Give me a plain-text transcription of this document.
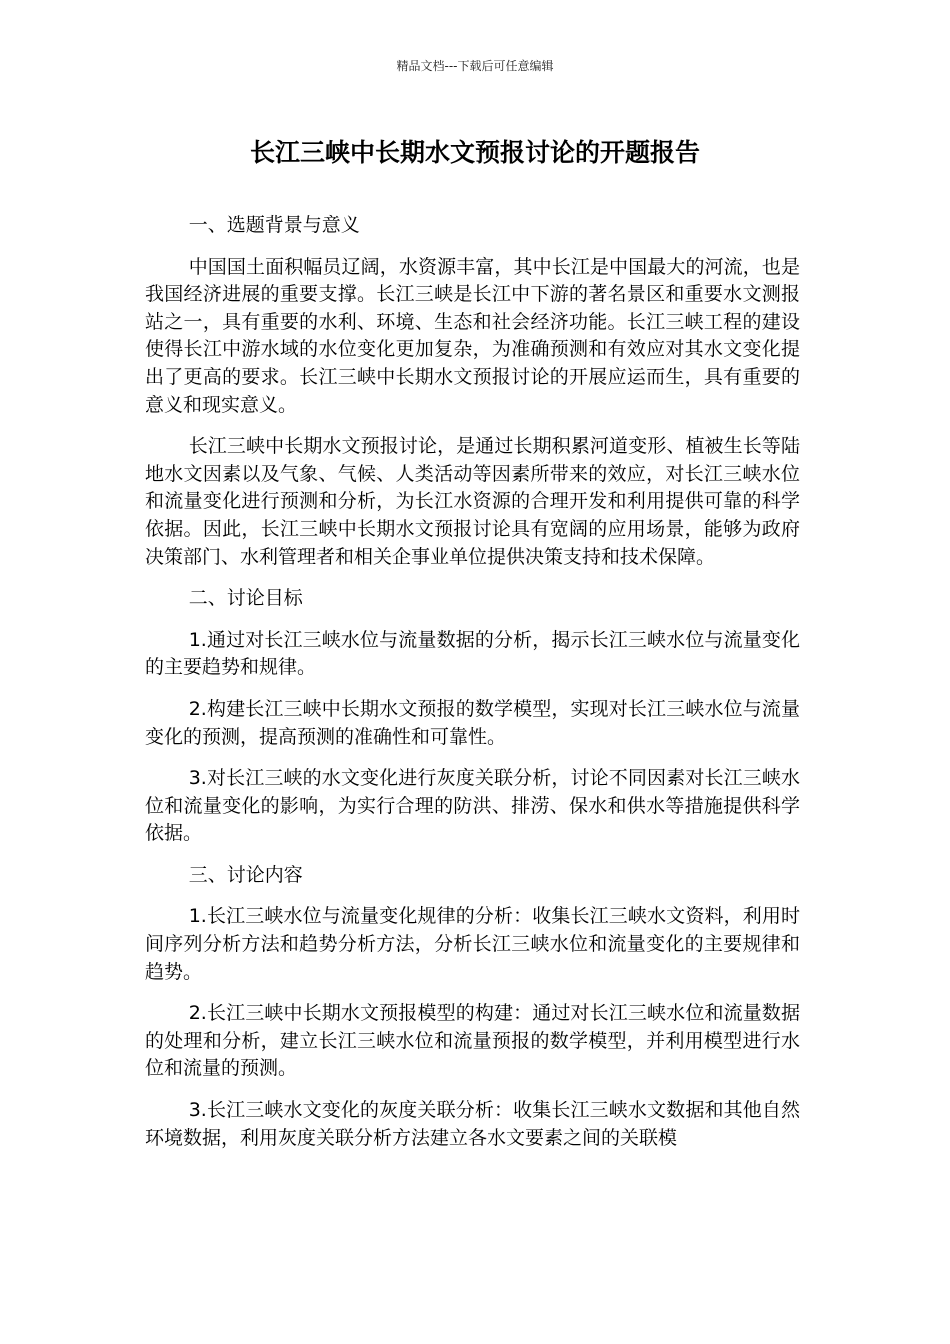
精品文档---下载后可任意编辑
长江三峡中长期水文预报讨论的开题报告
一、选题背景与意义

中国国土面积幅员辽阔，水资源丰富，其中长江是中国最大的河流，也是我国经济进展的重要支撑。长江三峡是长江中下游的著名景区和重要水文测报站之一，具有重要的水利、环境、生态和社会经济功能。长江三峡工程的建设使得长江中游水域的水位变化更加复杂，为准确预测和有效应对其水文变化提出了更高的要求。长江三峡中长期水文预报讨论的开展应运而生，具有重要的意义和现实意义。

长江三峡中长期水文预报讨论，是通过长期积累河道变形、植被生长等陆地水文因素以及气象、气候、人类活动等因素所带来的效应，对长江三峡水位和流量变化进行预测和分析，为长江水资源的合理开发和利用提供可靠的科学依据。因此，长江三峡中长期水文预报讨论具有宽阔的应用场景，能够为政府决策部门、水利管理者和相关企事业单位提供决策支持和技术保障。

二、讨论目标

1.通过对长江三峡水位与流量数据的分析，揭示长江三峡水位与流量变化的主要趋势和规律。

2.构建长江三峡中长期水文预报的数学模型，实现对长江三峡水位与流量变化的预测，提高预测的准确性和可靠性。

3.对长江三峡的水文变化进行灰度关联分析，讨论不同因素对长江三峡水位和流量变化的影响，为实行合理的防洪、排涝、保水和供水等措施提供科学依据。

三、讨论内容

1.长江三峡水位与流量变化规律的分析：收集长江三峡水文资料，利用时间序列分析方法和趋势分析方法，分析长江三峡水位和流量变化的主要规律和趋势。

2.长江三峡中长期水文预报模型的构建：通过对长江三峡水位和流量数据的处理和分析，建立长江三峡水位和流量预报的数学模型，并利用模型进行水位和流量的预测。

3.长江三峡水文变化的灰度关联分析：收集长江三峡水文数据和其他自然环境数据，利用灰度关联分析方法建立各水文要素之间的关联模
